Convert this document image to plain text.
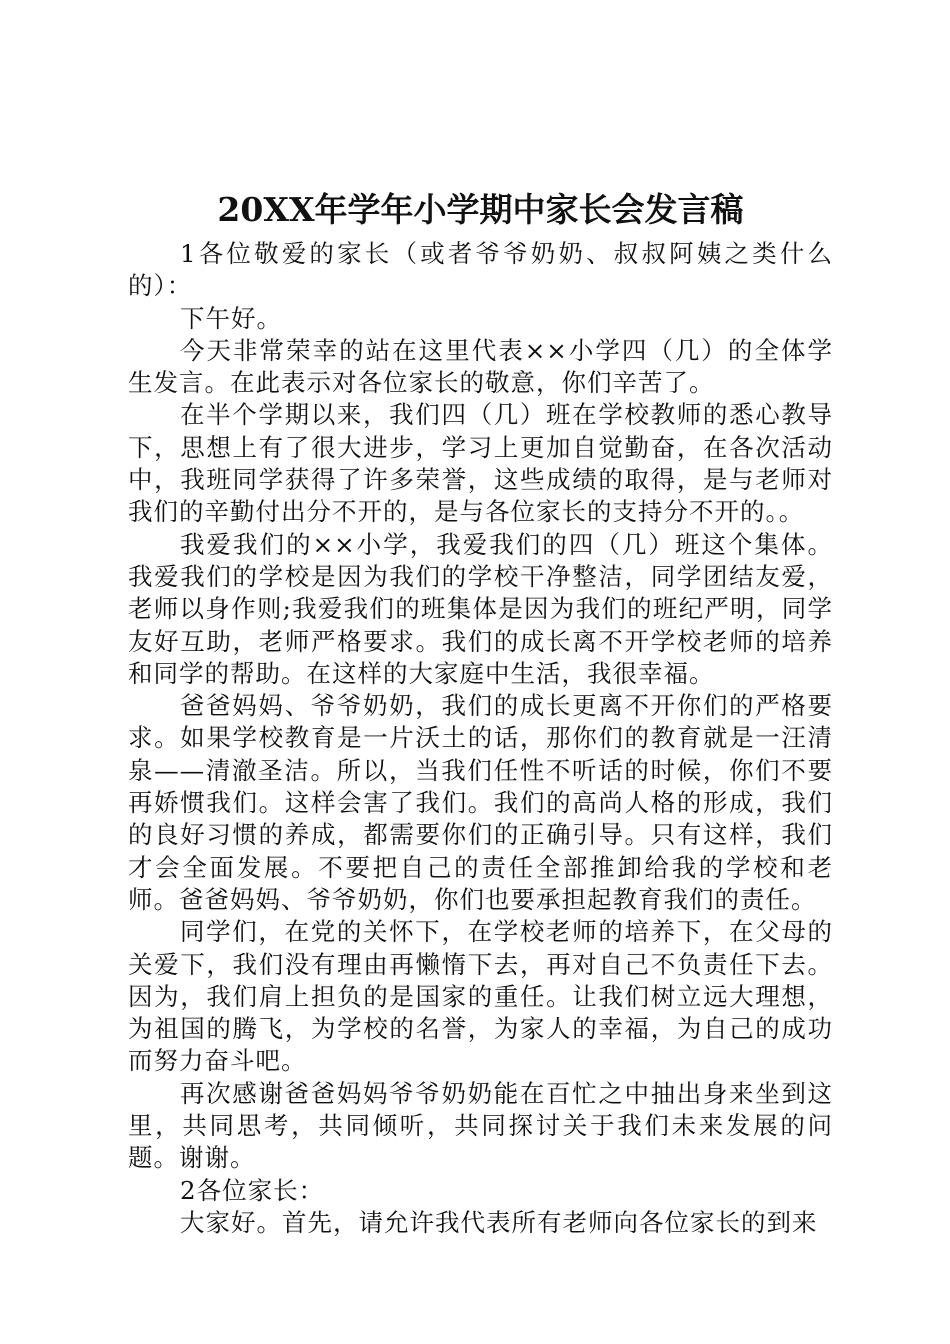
20XX年学年小学期中家长会发言稿

1各位敬爱的家长（或者爷爷奶奶、叔叔阿姨之类什么的）：

下午好。

今天非常荣幸的站在这里代表××小学四（几）的全体学生发言。在此表示对各位家长的敬意，你们辛苦了。

在半个学期以来，我们四（几）班在学校教师的悉心教导下，思想上有了很大进步，学习上更加自觉勤奋，在各次活动中，我班同学获得了许多荣誉，这些成绩的取得，是与老师对我们的辛勤付出分不开的，是与各位家长的支持分不开的。。

我爱我们的××小学，我爱我们的四（几）班这个集体。我爱我们的学校是因为我们的学校干净整洁，同学团结友爱，老师以身作则;我爱我们的班集体是因为我们的班纪严明，同学友好互助，老师严格要求。我们的成长离不开学校老师的培养和同学的帮助。在这样的大家庭中生活，我很幸福。

爸爸妈妈、爷爷奶奶，我们的成长更离不开你们的严格要求。如果学校教育是一片沃土的话，那你们的教育就是一汪清泉——清澈圣洁。所以，当我们任性不听话的时候，你们不要再娇惯我们。这样会害了我们。我们的高尚人格的形成，我们的良好习惯的养成，都需要你们的正确引导。只有这样，我们才会全面发展。不要把自己的责任全部推卸给我的学校和老师。爸爸妈妈、爷爷奶奶，你们也要承担起教育我们的责任。

同学们，在党的关怀下，在学校老师的培养下，在父母的关爱下，我们没有理由再懒惰下去，再对自己不负责任下去。因为，我们肩上担负的是国家的重任。让我们树立远大理想，为祖国的腾飞，为学校的名誉，为家人的幸福，为自己的成功而努力奋斗吧。

再次感谢爸爸妈妈爷爷奶奶能在百忙之中抽出身来坐到这里，共同思考，共同倾听，共同探讨关于我们未来发展的问题。谢谢。

2各位家长：

大家好。首先，请允许我代表所有老师向各位家长的到来
